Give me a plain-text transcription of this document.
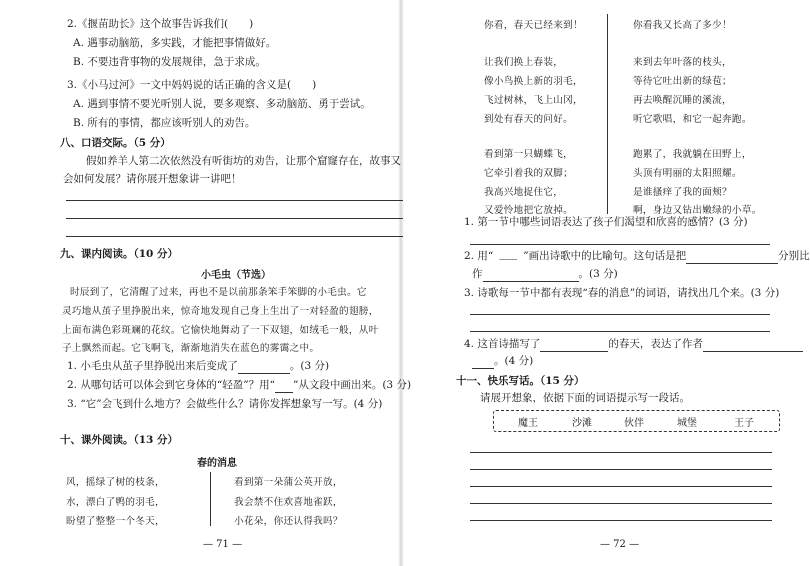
2.《揠苗助长》这个故事告诉我们(　　)
A. 遇事动脑筋，多实践，才能把事情做好。
B. 不要违背事物的发展规律，急于求成。
3.《小马过河》一文中妈妈说的话正确的含义是(　　)
A. 遇到事情不要光听别人说，要多观察、多动脑筋、勇于尝试。
B. 所有的事情，都应该听别人的劝告。
八、口语交际。（5 分）
假如养羊人第二次依然没有听街坊的劝告，让那个窟窿存在，故事又
会如何发展？请你展开想象讲一讲吧！
九、课内阅读。（10 分）
小毛虫（节选）
时辰到了，它清醒了过来，再也不是以前那条笨手笨脚的小毛虫。它
灵巧地从茧子里挣脱出来，惊奇地发现自己身上生出了一对轻盈的翅膀，
上面布满色彩斑斓的花纹。它愉快地舞动了一下双翅，如绒毛一般，从叶
子上飘然而起。它飞啊飞，渐渐地消失在蓝色的雾霭之中。
1. 小毛虫从茧子里挣脱出来后变成了	。(3 分)
2. 从哪句话可以体会到它身体的“轻盈”？用“ ”从文段中画出来。(3 分)
3. “它”会飞到什么地方？会做些什么？请你发挥想象写一写。(4 分)
十、课外阅读。（13 分）
春的消息
风，摇绿了树的枝条，
水，漂白了鸭的羽毛，
盼望了整整一个冬天，
看到第一朵蒲公英开放，
我会禁不住欢喜地雀跃，
小花朵，你还认得我吗？
— 71 —
你看，春天已经来到！
让我们换上春装，
像小鸟换上新的羽毛，
飞过树林，飞上山冈，
到处有春天的问好。
看到第一只蝴蝶飞，
它牵引着我的双脚；
我高兴地捉住它，
又爱怜地把它放掉。
你看我又长高了多少！
来到去年叶落的枝头，
等待它吐出新的绿苞；
再去唤醒沉睡的溪流，
听它歌唱，和它一起奔跑。
跑累了，我就躺在田野上，
头顶有明丽的太阳照耀。
是谁搔痒了我的面颊？
啊，身边又钻出嫩绿的小草。
1. 第一节中哪些词语表达了孩子们渴望和欣喜的感情？(3 分)
2. 用“ ﹏﹏ ”画出诗歌中的比喻句。这句话是把	分别比
作	。(3 分)
3. 诗歌每一节中都有表现“春的消息”的词语，请找出几个来。(3 分)
4. 这首诗描写了	的春天，表达了作者
。(4 分)
十一、快乐写话。（15 分）
请展开想象，依据下面的词语提示写一段话。
魔王	沙滩	伙伴	城堡	王子
— 72 —
